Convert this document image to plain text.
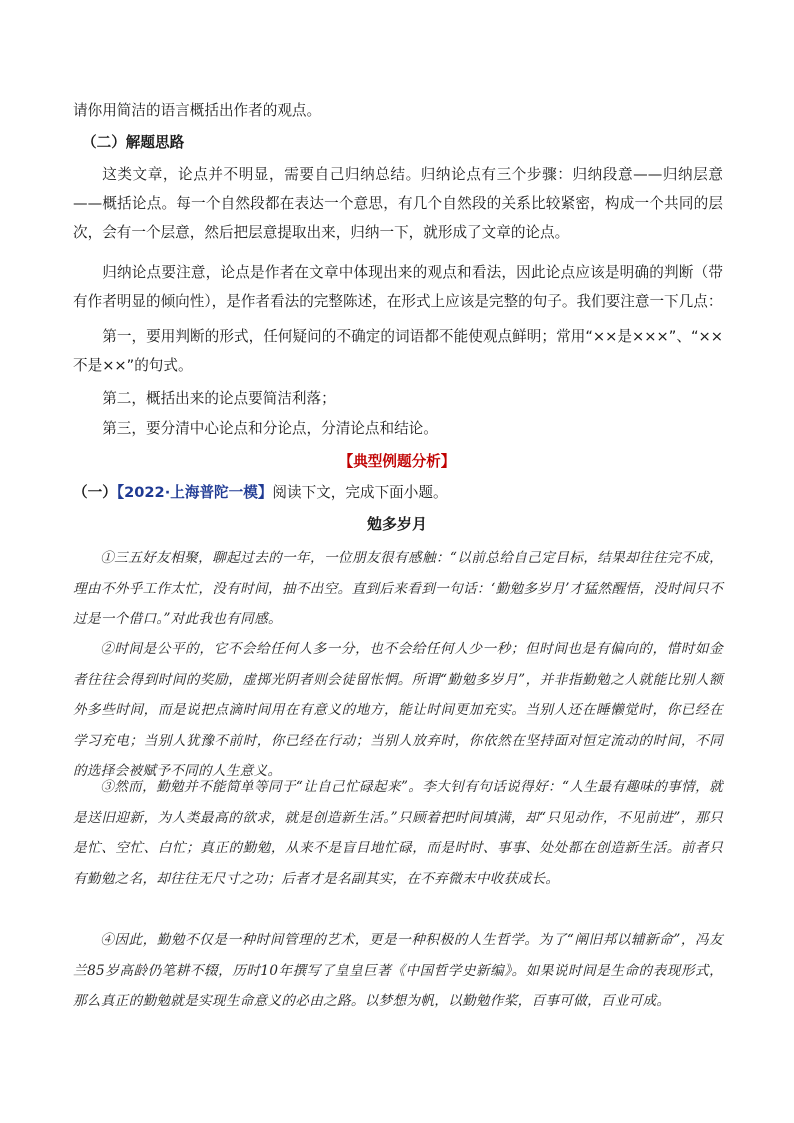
请你用简洁的语言概括出作者的观点。

（二）解题思路

这类文章，论点并不明显，需要自己归纳总结。归纳论点有三个步骤：归纳段意——归纳层意——概括论点。每一个自然段都在表达一个意思，有几个自然段的关系比较紧密，构成一个共同的层次，会有一个层意，然后把层意提取出来，归纳一下，就形成了文章的论点。

归纳论点要注意，论点是作者在文章中体现出来的观点和看法，因此论点应该是明确的判断（带有作者明显的倾向性），是作者看法的完整陈述，在形式上应该是完整的句子。我们要注意一下几点：

第一，要用判断的形式，任何疑问的不确定的词语都不能使观点鲜明；常用“××是×××”、“××不是××”的句式。

第二，概括出来的论点要简洁利落；

第三，要分清中心论点和分论点，分清论点和结论。

【典型例题分析】

（一）【2022·上海普陀一模】阅读下文，完成下面小题。

勉多岁月

①三五好友相聚，聊起过去的一年，一位朋友很有感触：“以前总给自己定目标，结果却往往完不成，理由不外乎工作太忙，没有时间，抽不出空。直到后来看到一句话：‘勤勉多岁月’才猛然醒悟，没时间只不过是一个借口。”对此我也有同感。

②时间是公平的，它不会给任何人多一分，也不会给任何人少一秒；但时间也是有偏向的，惜时如金者往往会得到时间的奖励，虚掷光阴者则会徒留怅惘。所谓“勤勉多岁月”，并非指勤勉之人就能比别人额外多些时间，而是说把点滴时间用在有意义的地方，能让时间更加充实。当别人还在睡懒觉时，你已经在学习充电；当别人犹豫不前时，你已经在行动；当别人放弃时，你依然在坚持面对恒定流动的时间，不同的选择会被赋予不同的人生意义。

③然而，勤勉并不能简单等同于“让自己忙碌起来”。李大钊有句话说得好：“人生最有趣味的事情，就是送旧迎新，为人类最高的欲求，就是创造新生活。”只顾着把时间填满，却“只见动作，不见前进”，那只是忙、空忙、白忙；真正的勤勉，从来不是盲目地忙碌，而是时时、事事、处处都在创造新生活。前者只有勤勉之名，却往往无尺寸之功；后者才是名副其实，在不弃微末中收获成长。

④因此，勤勉不仅是一种时间管理的艺术，更是一种积极的人生哲学。为了“阐旧邦以辅新命”，冯友兰85岁高龄仍笔耕不辍，历时10年撰写了皇皇巨著《中国哲学史新编》。如果说时间是生命的表现形式，那么真正的勤勉就是实现生命意义的必由之路。以梦想为帆，以勤勉作桨，百事可做，百业可成。
